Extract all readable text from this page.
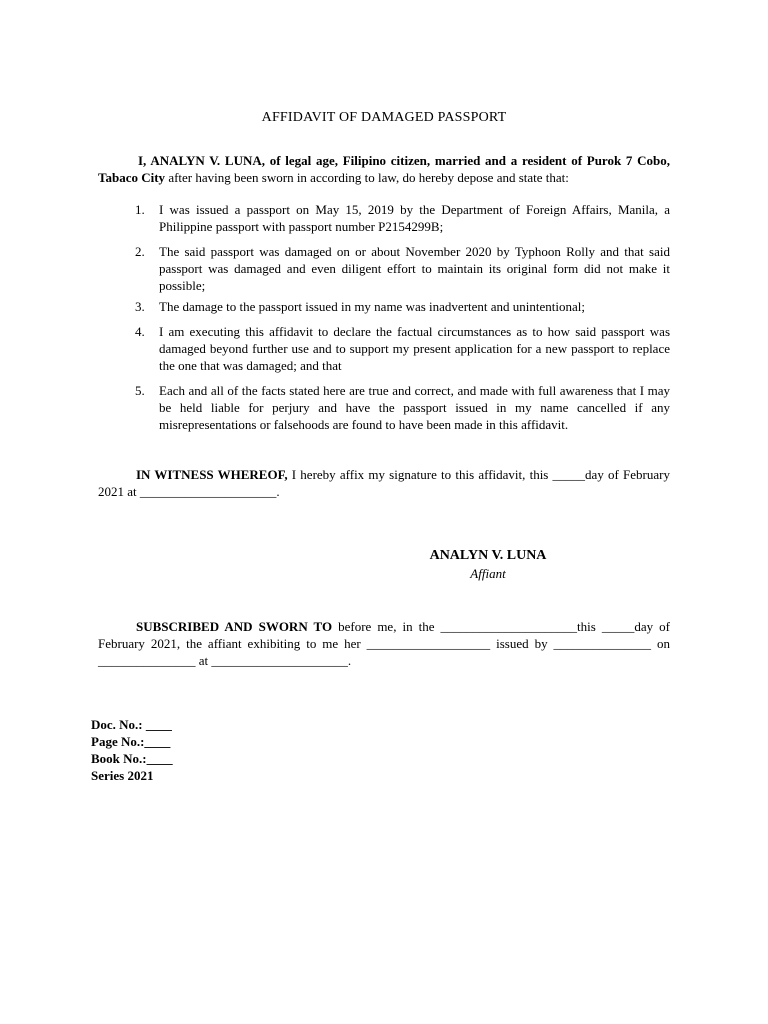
AFFIDAVIT OF DAMAGED PASSPORT

I, ANALYN V. LUNA, of legal age, Filipino citizen, married and a resident of Purok 7 Cobo, Tabaco City after having been sworn in according to law, do hereby depose and state that:

1. I was issued a passport on May 15, 2019 by the Department of Foreign Affairs, Manila, a Philippine passport with passport number P2154299B;
2. The said passport was damaged on or about November 2020 by Typhoon Rolly and that said passport was damaged and even diligent effort to maintain its original form did not make it possible;
3. The damage to the passport issued in my name was inadvertent and unintentional;
4. I am executing this affidavit to declare the factual circumstances as to how said passport was damaged beyond further use and to support my present application for a new passport to replace the one that was damaged; and that
5. Each and all of the facts stated here are true and correct, and made with full awareness that I may be held liable for perjury and have the passport issued in my name cancelled if any misrepresentations or falsehoods are found to have been made in this affidavit.

IN WITNESS WHEREOF, I hereby affix my signature to this affidavit, this _____day of February 2021 at _____________________.

ANALYN V. LUNA
Affiant

SUBSCRIBED AND SWORN TO before me, in the _____________________this _____day of February 2021, the affiant exhibiting to me her ___________________ issued by _______________ on _______________ at _____________________.

Doc. No.: ____
Page No.:____
Book No.:____
Series 2021
